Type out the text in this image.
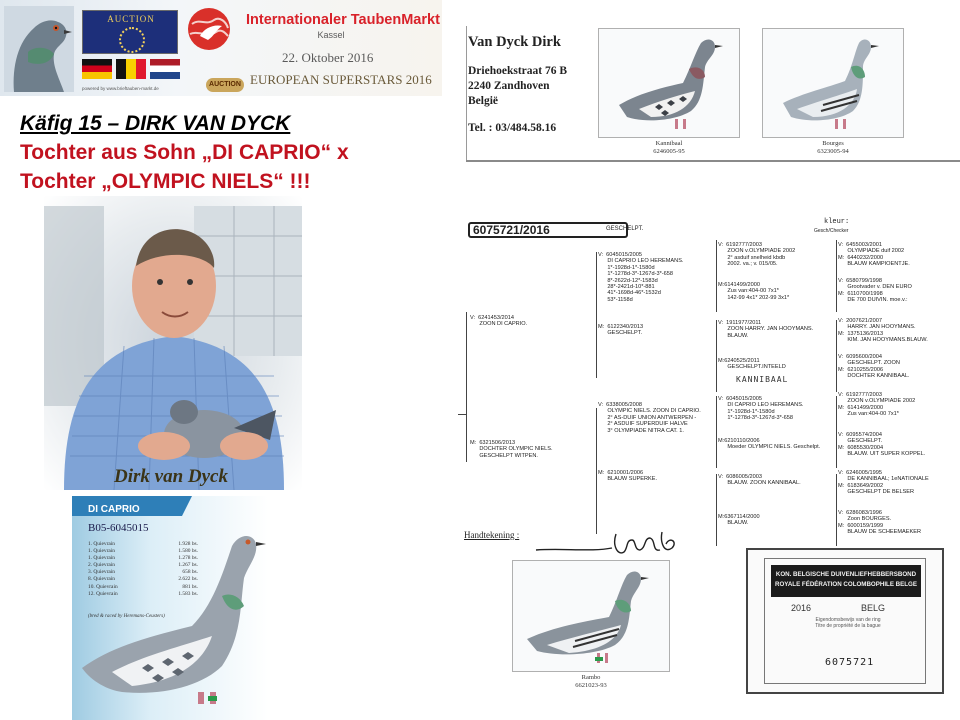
AUCTION	Internationaler TaubenMarkt
Kassel
22. Oktober 2016
EUROPEAN SUPERSTARS 2016
powered by www.brieftauben-markt.de
AUCTION
Käfig 15 – DIRK VAN DYCK
Tochter aus Sohn „DI CAPRIO“ x
Tochter „OLYMPIC NIELS“ !!!
Dirk van Dyck
DI CAPRIO
B05-6045015
1. Quievrain	1.928 bs.
1. Quievrain	1.580 bs.
1. Quievrain	1.278 bs.
2. Quievrain	1.267 bs.
3. Quievrain	658 bs.
8. Quievrain	2.622 bs.
10. Quievrain	881 bs.
12. Quievrain	1.583 bs.
(bred & raced by Heremans-Ceusters)
Van Dyck Dirk
Driehoekstraat 76 B
2240 Zandhoven
België
Tel. : 03/484.58.16
Kannibaal
6246005-95
Bourges
6323005-94
6075721/2016	GESCHELPT.
kleur:
Gesch/Checker
V:  6241453/2014
ZOON DI CAPRIO.
M:  6321506/2013
DOCHTER OLYMPIC NIELS.
GESCHELPT WITPEN.
V:  6045015/2005
DI CAPRIO LEO HEREMANS.
1*-1928d-1*-1580d
1*-1278d-3*-1267d-3*-658
8*-2622d-12*-1583d
28*-2421d-10*-881
41*-1698d-46*-1532d
53*-1158d
M:  6122340/2013
GESCHELPT.
V:  6338005/2008
OLYMPIC NIELS. ZOON DI CAPRIO.
2° AS-DUIF UNION ANTWERPEN -
2° ASDUIF SUPERDUIF HALVE
3° OLYMPIADE NITRA CAT. 1.
M:  6210001/2006
BLAUW SUPERKE.
V:  6192777/2003
ZOON v.OLYMPIADE 2002
2° asduif snelheid kbdb
2002. va.; v. 015/05.
M:6141499/2000
Zus van:404-00 7x1*
142-99 4x1* 202-99 3x1*
V:  1911977/2011
ZOON HARRY. JAN HOOYMANS.
BLAUW.
M:6240525/2011
GESCHELPT.INTEELD
KANNIBAAL
V:  6045015/2005
DI CAPRIO LEO HEREMANS.
1*-1928d-1*-1580d
1*-1278d-3*-1267d-3*-658
M:6210110/2006
Moeder OLYMPIC NIELS. Geschelpt.
V:  6086005/2003
BLAUW. ZOON KANNIBAAL.
M:6367114/2000
BLAUW.
V:  6455003/2001
OLYMPIADE duif 2002
M:  6440232/2000
BLAUW KAMPIOENTJE.
V:  6580799/1998
Grootvader v. DEN EURO
M:  6110700/1998
DE 700 DUIVIN. moe.v.:
V:  2007621/2007
HARRY. JAN HOOYMANS.
M:  1375136/2013
KIM. JAN HOOYMANS.BLAUW.
V:  6095600/2004
GESCHELPT. ZOON
M:  6210255/2006
DOCHTER KANNIBAAL.
V:  6192777/2003
ZOON v.OLYMPIADE 2002
M:  6141499/2000
Zus van:404-00 7x1*
V:  6095574/2004
GESCHELPT.
M:  6085530/2004
BLAUW. UIT SUPER KOPPEL.
V:  6246005/1995
DE KANNIBAAL; 1eNATIONALE
M:  6183649/2002
GESCHELPT DE BELSER
V:  6286083/1996
Zoon BOURGES.
M:  6000159/1999
BLAUW DE SCHEEMAEKER
Handtekening :
Rambo
6621023-93
KON. BELGISCHE DUIVENLIEFHEBBERSBOND
ROYALE FÉDÉRATION COLOMBOPHILE BELGE
2016	BELG
Eigendomsbewijs van de ring
Titre de propriété de la bague
6075721
